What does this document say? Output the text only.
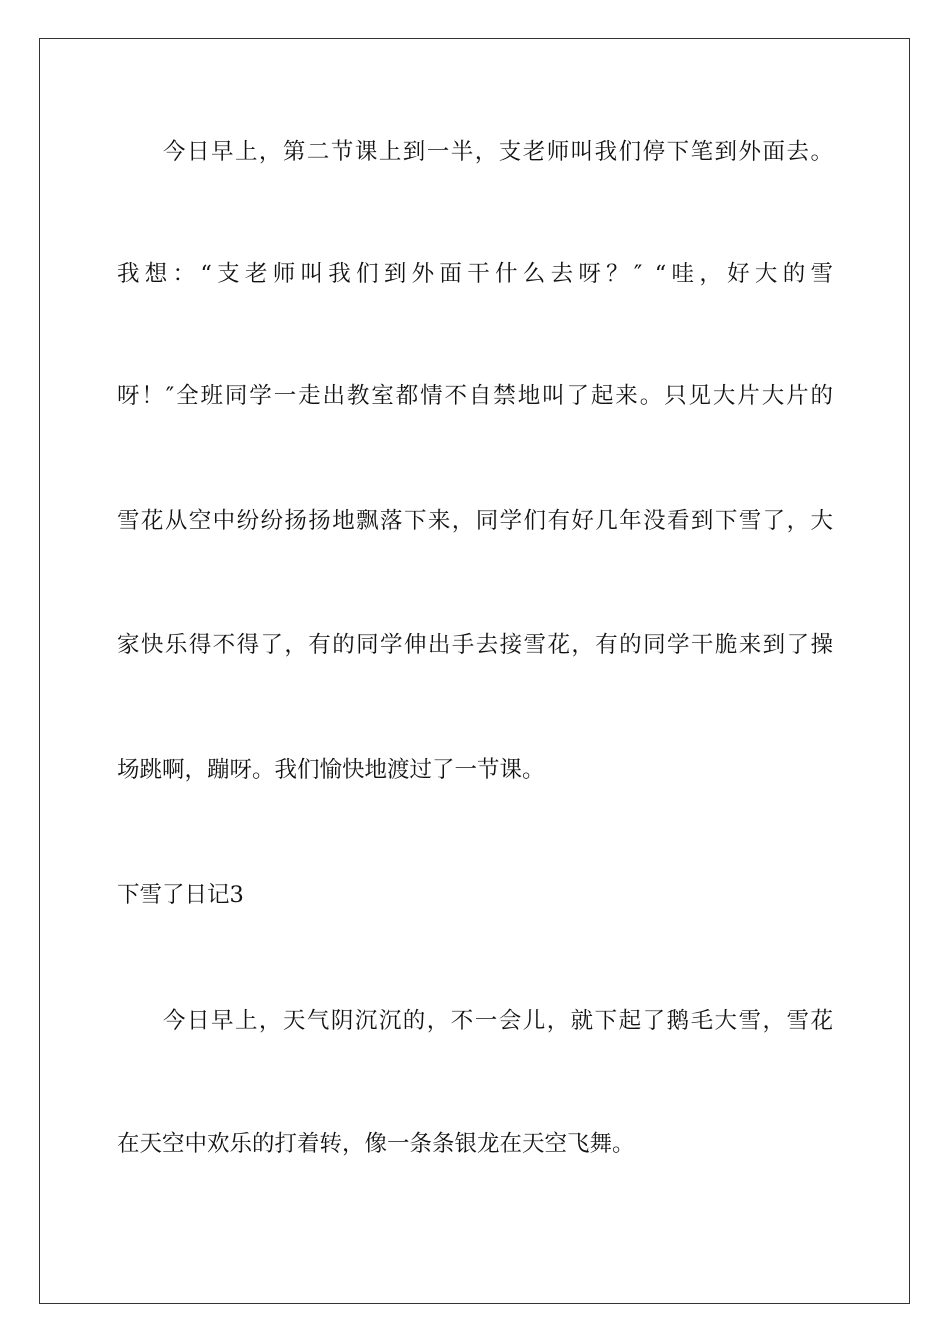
今日早上，第二节课上到一半，支老师叫我们停下笔到外面去。
我想：“支老师叫我们到外面干什么去呀？″ “哇，好大的雪
呀！″全班同学一走出教室都情不自禁地叫了起来。只见大片大片的
雪花从空中纷纷扬扬地飘落下来，同学们有好几年没看到下雪了，大
家快乐得不得了，有的同学伸出手去接雪花，有的同学干脆来到了操
场跳啊，蹦呀。我们愉快地渡过了一节课。
下雪了日记3
今日早上，天气阴沉沉的，不一会儿，就下起了鹅毛大雪，雪花
在天空中欢乐的打着转，像一条条银龙在天空飞舞。
